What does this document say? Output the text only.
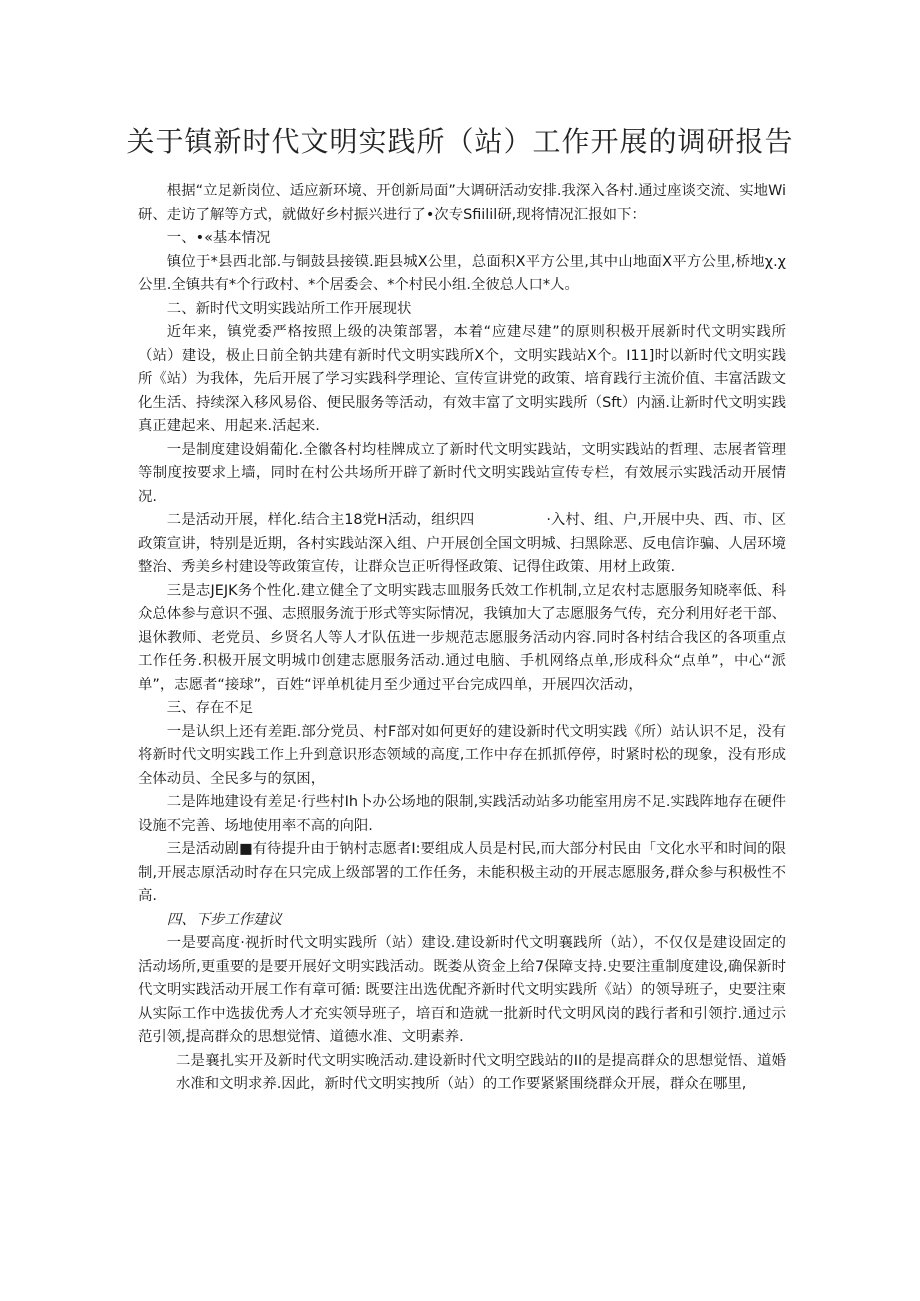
关于镇新时代文明实践所（站）工作开展的调研报告

根据“立足新岗位、适应新环境、开创新局面”大调研活动安排.我深入各村.通过座谈交流、实地Wi研、走访了解等方式，就做好乡村振兴进行了•次专Sfiilil研,现将情况汇报如下：

一、•«基本情况

镇位于*县西北部.与铜鼓县接镆.距县城X公里，总面积X平方公里,其中山地面X平方公里,桥地χ.χ公里.全镇共有*个行政村、*个居委会、*个村民小组.全彼总人口*人。

二、新时代文明实践站所工作开展现状

近年来，镇党委严格按照上级的决策部署，本着“应建尽建”的原则积极开展新时代文明实践所（站）建设，极止日前全钠共建有新时代文明实践所X个，文明实践站X个。I11]时以新时代文明实践所《站）为我体，先后开展了学习实践科学理论、宣传宣讲党的政策、培育践行主流价值、丰富活跋文化生活、持续深入移风易俗、便民服务等活动，有效丰富了文明实践所（Sft）内涵.让新时代文明实践真正建起来、用起来.活起来.

一是制度建设娟葡化.全徽各村均桂牌成立了新时代文明实践站，文明实践站的哲理、志展者管理等制度按要求上墙，同时在村公共场所开辟了新时代文明实践站宣传专栏，有效展示实践活动开展情况.

二是活动开展，样化.结合主18党H活动，组织四　　　　　·入村、组、户,开展中央、西、市、区政策宣讲，特别是近期，各村实践站深入组、户开展创全国文明城、扫黑除恶、反电信诈骗、人居环境整治、秀美乡村建设等政策宣传，让群众岂正听得怪政策、记得住政策、用材上政策.

三是志JEJK务个性化.建立健全了文明实践志皿服务氏效工作机制,立足农村志愿服务知晓率低、科众总体参与意识不强、志照服务流于形式等实际情况，我镇加大了志愿服务气传，充分利用好老干部、退休教师、老党员、乡贤名人等人才队伍进一步规范志愿服务活动内容.同时各村结合我区的各项重点工作任务.积极开展文明城巾创建志愿服务活动.通过电脑、手机网络点单,形成科众“点单”，中心“派单”，志愿者“接球”，百姓“评单机徒月至少通过平台完成四单，开展四次活动，

三、存在不足

一是认织上还有差距.部分党员、村F部对如何更好的建设新时代文明实践《所）站认识不足，没有将新时代文明实践工作上升到意识形态领域的高度,工作中存在抓抓停停，时紧时松的现象，没有形成全体动员、全民多与的氛困，

二是阵地建设有差足·行些村Ih卜办公场地的限制,实践活动站多功能室用房不足.实践阵地存在硬件设施不完善、场地使用率不高的向阳.

三是活动剧■有待提升由于钠村志愿者I:要组成人员是村民,而大部分村民由「文化水平和时间的限制,开展志原活动时存在只完成上级部署的工作任务，未能积极主动的开展志愿服务,群众参与积极性不高.

四、下步工作建议

一是要高度·视折时代文明实践所（站）建设.建设新时代文明襄践所（站），不仅仅是建设固定的活动场所,更重要的是要开展好文明实践活动。既娄从资金上给7保障支持.史要注重制度建设,确保新时代文明实践活动开展工作有章可循: 既要注出选优配齐新时代文明实践所《站）的领导班子，史要注柬从实际工作中选拔优秀人才充实领导班子，培百和造就一批新时代文明风岗的践行者和引领拧.通过示范引领,提高群众的思想觉情、道德水准、文明素养.

二是襄扎实开及新时代文明实晚活动.建设新时代文明空践站的II的是提高群众的思想觉悟、道婚水准和文明求养.因此，新时代文明实拽所（站）的工作要紧紧围绕群众开展，群众在哪里,
